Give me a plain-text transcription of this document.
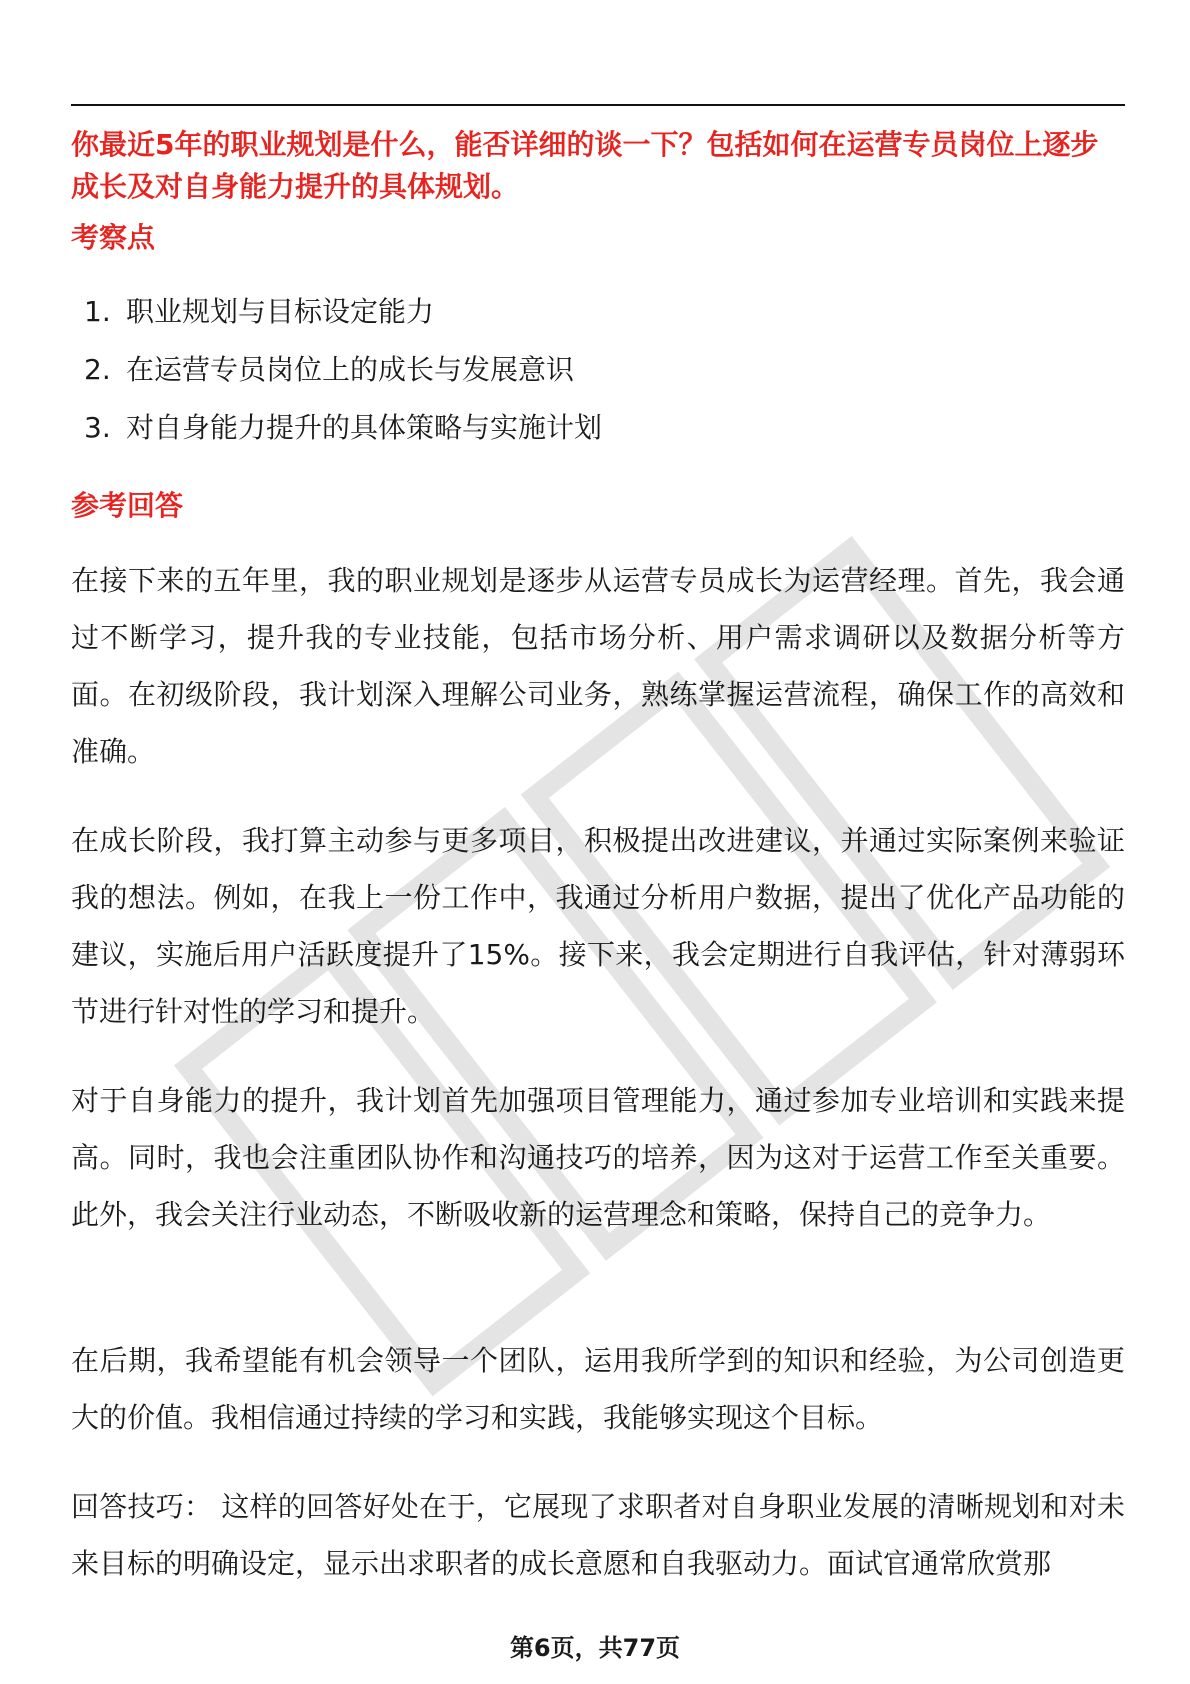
你最近5年的职业规划是什么，能否详细的谈一下？包括如何在运营专员岗位上逐步成长及对自身能力提升的具体规划。
考察点
1. 职业规划与目标设定能力
2. 在运营专员岗位上的成长与发展意识
3. 对自身能力提升的具体策略与实施计划
参考回答

在接下来的五年里，我的职业规划是逐步从运营专员成长为运营经理。首先，我会通过不断学习，提升我的专业技能，包括市场分析、用户需求调研以及数据分析等方面。在初级阶段，我计划深入理解公司业务，熟练掌握运营流程，确保工作的高效和准确。

在成长阶段，我打算主动参与更多项目，积极提出改进建议，并通过实际案例来验证我的想法。例如，在我上一份工作中，我通过分析用户数据，提出了优化产品功能的建议，实施后用户活跃度提升了15%。接下来，我会定期进行自我评估，针对薄弱环节进行针对性的学习和提升。

对于自身能力的提升，我计划首先加强项目管理能力，通过参加专业培训和实践来提高。同时，我也会注重团队协作和沟通技巧的培养，因为这对于运营工作至关重要。此外，我会关注行业动态，不断吸收新的运营理念和策略，保持自己的竞争力。

在后期，我希望能有机会领导一个团队，运用我所学到的知识和经验，为公司创造更大的价值。我相信通过持续的学习和实践，我能够实现这个目标。

回答技巧： 这样的回答好处在于，它展现了求职者对自身职业发展的清晰规划和对未来目标的明确设定，显示出求职者的成长意愿和自我驱动力。面试官通常欣赏那

第6页，共77页
